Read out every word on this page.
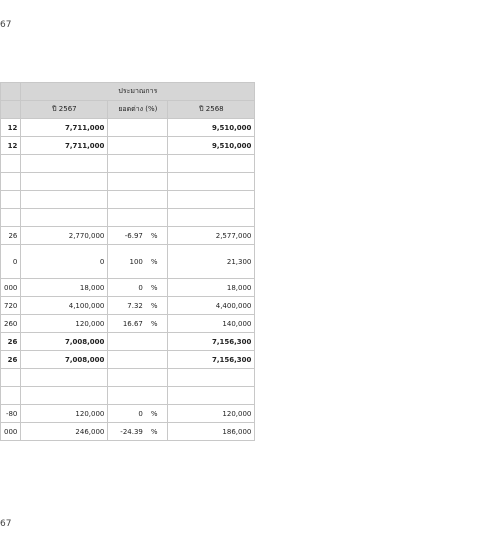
67
	ประมาณการ		
	ปี 2567	ยอดต่าง (%)	ปี 2568
12	7,711,000		9,510,000
12	7,711,000		9,510,000

26	2,770,000	-6.97 %	2,577,000
0	0	100 %	21,300
000	18,000	0 %	18,000
720	4,100,000	7.32 %	4,400,000
260	120,000	16.67 %	140,000
26	7,008,000		7,156,300
26	7,008,000		7,156,300

-80	120,000	0 %	120,000
000	246,000	-24.39 %	186,000
67
